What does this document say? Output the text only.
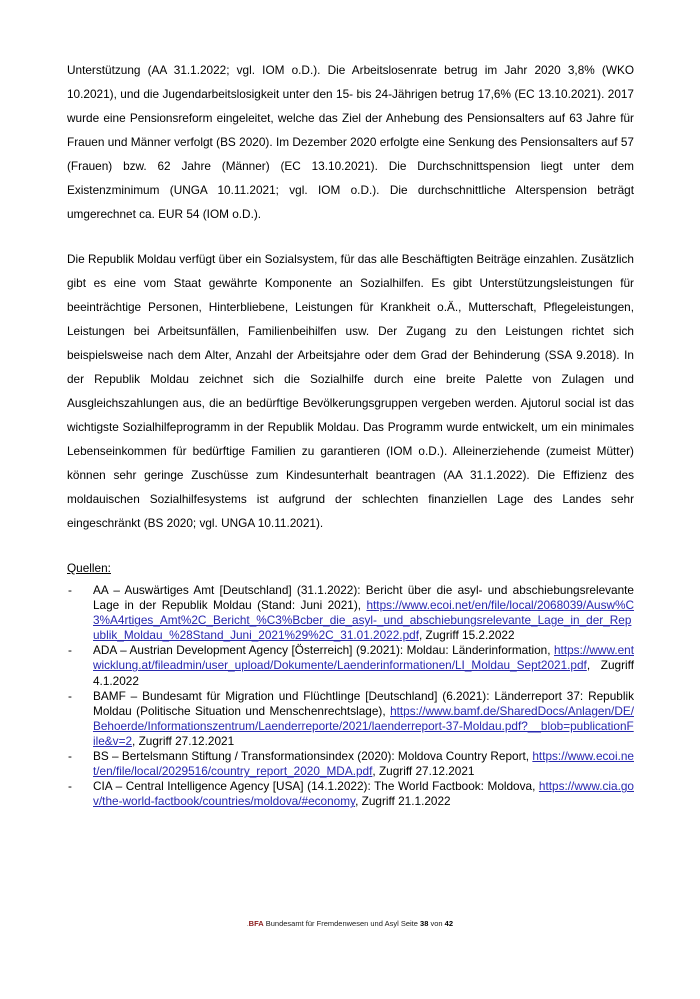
Unterstützung (AA 31.1.2022; vgl. IOM o.D.). Die Arbeitslosenrate betrug im Jahr 2020 3,8% (WKO 10.2021), und die Jugendarbeitslosigkeit unter den 15- bis 24-Jährigen betrug 17,6% (EC 13.10.2021). 2017 wurde eine Pensionsreform eingeleitet, welche das Ziel der Anhebung des Pensionsalters auf 63 Jahre für Frauen und Männer verfolgt (BS 2020). Im Dezember 2020 erfolgte eine Senkung des Pensionsalters auf 57 (Frauen) bzw. 62 Jahre (Männer) (EC 13.10.2021). Die Durchschnittspension liegt unter dem Existenzminimum (UNGA 10.11.2021; vgl. IOM o.D.). Die durchschnittliche Alterspension beträgt umgerechnet ca. EUR 54 (IOM o.D.).

Die Republik Moldau verfügt über ein Sozialsystem, für das alle Beschäftigten Beiträge einzahlen. Zusätzlich gibt es eine vom Staat gewährte Komponente an Sozialhilfen. Es gibt Unterstützungsleistungen für beeinträchtige Personen, Hinterbliebene, Leistungen für Krankheit o.Ä., Mutterschaft, Pflegeleistungen, Leistungen bei Arbeitsunfällen, Familienbeihilfen usw. Der Zugang zu den Leistungen richtet sich beispielsweise nach dem Alter, Anzahl der Arbeitsjahre oder dem Grad der Behinderung (SSA 9.2018). In der Republik Moldau zeichnet sich die Sozialhilfe durch eine breite Palette von Zulagen und Ausgleichszahlungen aus, die an bedürftige Bevölkerungsgruppen vergeben werden. Ajutorul social ist das wichtigste Sozialhilfeprogramm in der Republik Moldau. Das Programm wurde entwickelt, um ein minimales Lebenseinkommen für bedürftige Familien zu garantieren (IOM o.D.). Alleinerziehende (zumeist Mütter) können sehr geringe Zuschüsse zum Kindesunterhalt beantragen (AA 31.1.2022). Die Effizienz des moldauischen Sozialhilfesystems ist aufgrund der schlechten finanziellen Lage des Landes sehr eingeschränkt (BS 2020; vgl. UNGA 10.11.2021).

Quellen:

- AA – Auswärtiges Amt [Deutschland] (31.1.2022): Bericht über die asyl- und abschiebungsrelevante Lage in der Republik Moldau (Stand: Juni 2021), https://www.ecoi.net/en/file/local/2068039/Ausw%C3%A4rtiges_Amt%2C_Bericht_%C3%Bcber_die_asyl-_und_abschiebungsrelevante_Lage_in_der_Republik_Moldau_%28Stand_Juni_2021%29%2C_31.01.2022.pdf, Zugriff 15.2.2022
- ADA – Austrian Development Agency [Österreich] (9.2021): Moldau: Länderinformation, https://www.entwicklung.at/fileadmin/user_upload/Dokumente/Laenderinformationen/LI_Moldau_Sept2021.pdf, Zugriff 4.1.2022
- BAMF – Bundesamt für Migration und Flüchtlinge [Deutschland] (6.2021): Länderreport 37: Republik Moldau (Politische Situation und Menschenrechtslage), https://www.bamf.de/SharedDocs/Anlagen/DE/Behoerde/Informationszentrum/Laenderreporte/2021/laenderreport-37-Moldau.pdf?__blob=publicationFile&v=2, Zugriff 27.12.2021
- BS – Bertelsmann Stiftung / Transformationsindex (2020): Moldova Country Report, https://www.ecoi.net/en/file/local/2029516/country_report_2020_MDA.pdf, Zugriff 27.12.2021
- CIA – Central Intelligence Agency [USA] (14.1.2022): The World Factbook: Moldova, https://www.cia.gov/the-world-factbook/countries/moldova/#economy, Zugriff 21.1.2022
.BFA Bundesamt für Fremdenwesen und Asyl Seite 38 von 42
